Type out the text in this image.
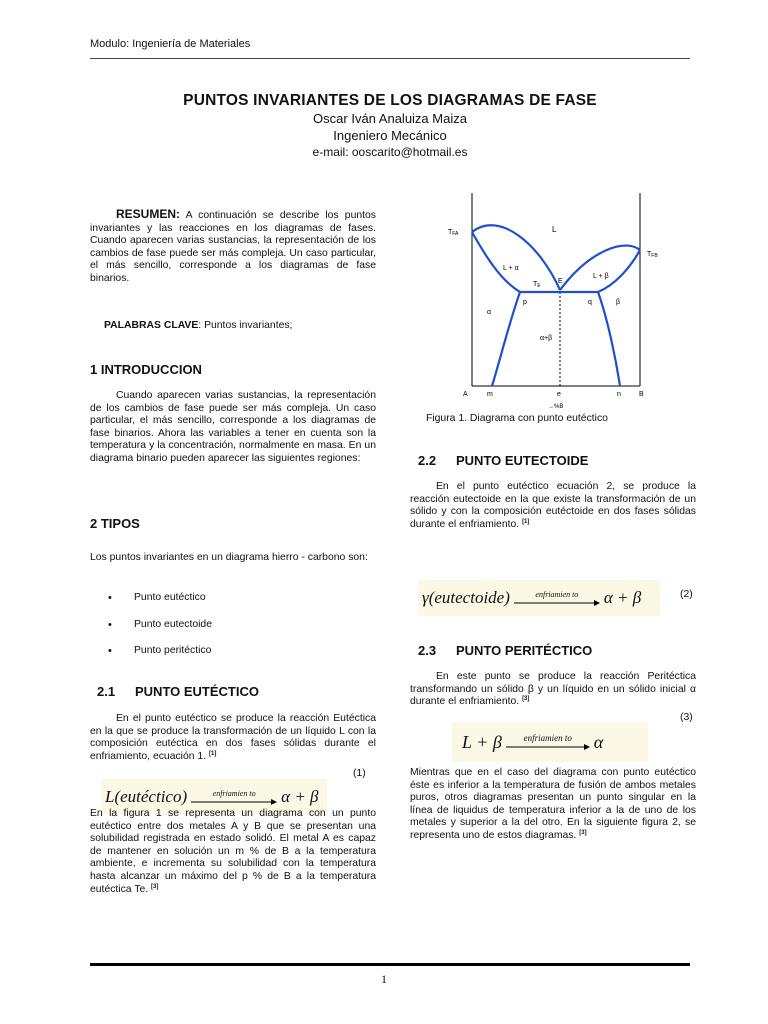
Modulo: Ingeniería de Materiales
PUNTOS INVARIANTES DE LOS DIAGRAMAS DE FASE
Oscar Iván Analuiza Maiza
Ingeniero Mecánico
e-mail: ooscarito@hotmail.es

RESUMEN: A continuación se describe los puntos invariantes y las reacciones en los diagramas de fases. Cuando aparecen varias sustancias, la representación de los cambios de fase puede ser más compleja. Un caso particular, el más sencillo, corresponde a los diagramas de fase binarios.

PALABRAS CLAVE: Puntos invariantes;
1 INTRODUCCION

Cuando aparecen varias sustancias, la representación de los cambios de fase puede ser más compleja. Un caso particular, el más sencillo, corresponde a los diagramas de fase binarios. Ahora las variables a tener en cuenta son la temperatura y la concentración, normalmente en masa. En un diagrama binario pueden aparecer las siguientes regiones:

2 TIPOS

Los puntos invariantes en un diagrama hierro - carbono son:

•	Punto eutéctico
•	Punto eutectoide
•	Punto peritéctico
2.1 PUNTO EUTÉCTICO

En el punto eutéctico se produce la reacción Eutéctica en la que se produce la transformación de un líquido L con la composición eutéctica en dos fases sólidas durante el enfriamiento, ecuación 1. [1]

(1)
L(eutéctico)	enfriamien to α + β

En la figura 1 se representa un diagrama con un punto eutéctico entre dos metales A y B que se presentan una solubilidad registrada en estado solidó. El metal A es capaz de mantener en solución un m % de B a la temperatura ambiente, e incrementa su solubilidad con la temperatura hasta alcanzar un máximo del p % de B a la temperatura eutéctica Te. [3]

TFA
TFB
L
L + α
L + β
TE
E
α
p	q	β
α+β
A	m	e	n	B
→%B
Figura 1. Diagrama con punto eutéctico
2.2 PUNTO EUTECTOIDE

En el punto eutéctico ecuación 2, se produce la reacción eutectoide en la que existe la transformación de un sólido y con la composición eutéctoide en dos fases sólidas durante el enfriamiento. [1]

γ(eutectoide)	enfriamien to α + β	(2)
2.3 PUNTO PERITÉCTICO

En este punto se produce la reacción Peritéctica transformando un sólido β y un líquido en un sólido inicial α durante el enfriamiento. [3]

(3)
L + β enfriamien to α

Mientras que en el caso del diagrama con punto eutéctico éste es inferior a la temperatura de fusión de ambos metales puros, otros diagramas presentan un punto singular en la línea de liquidus de temperatura inferior a la de uno de los metales y superior a la del otro. En la siguiente figura 2, se representa uno de estos diagramas. [3]

1
